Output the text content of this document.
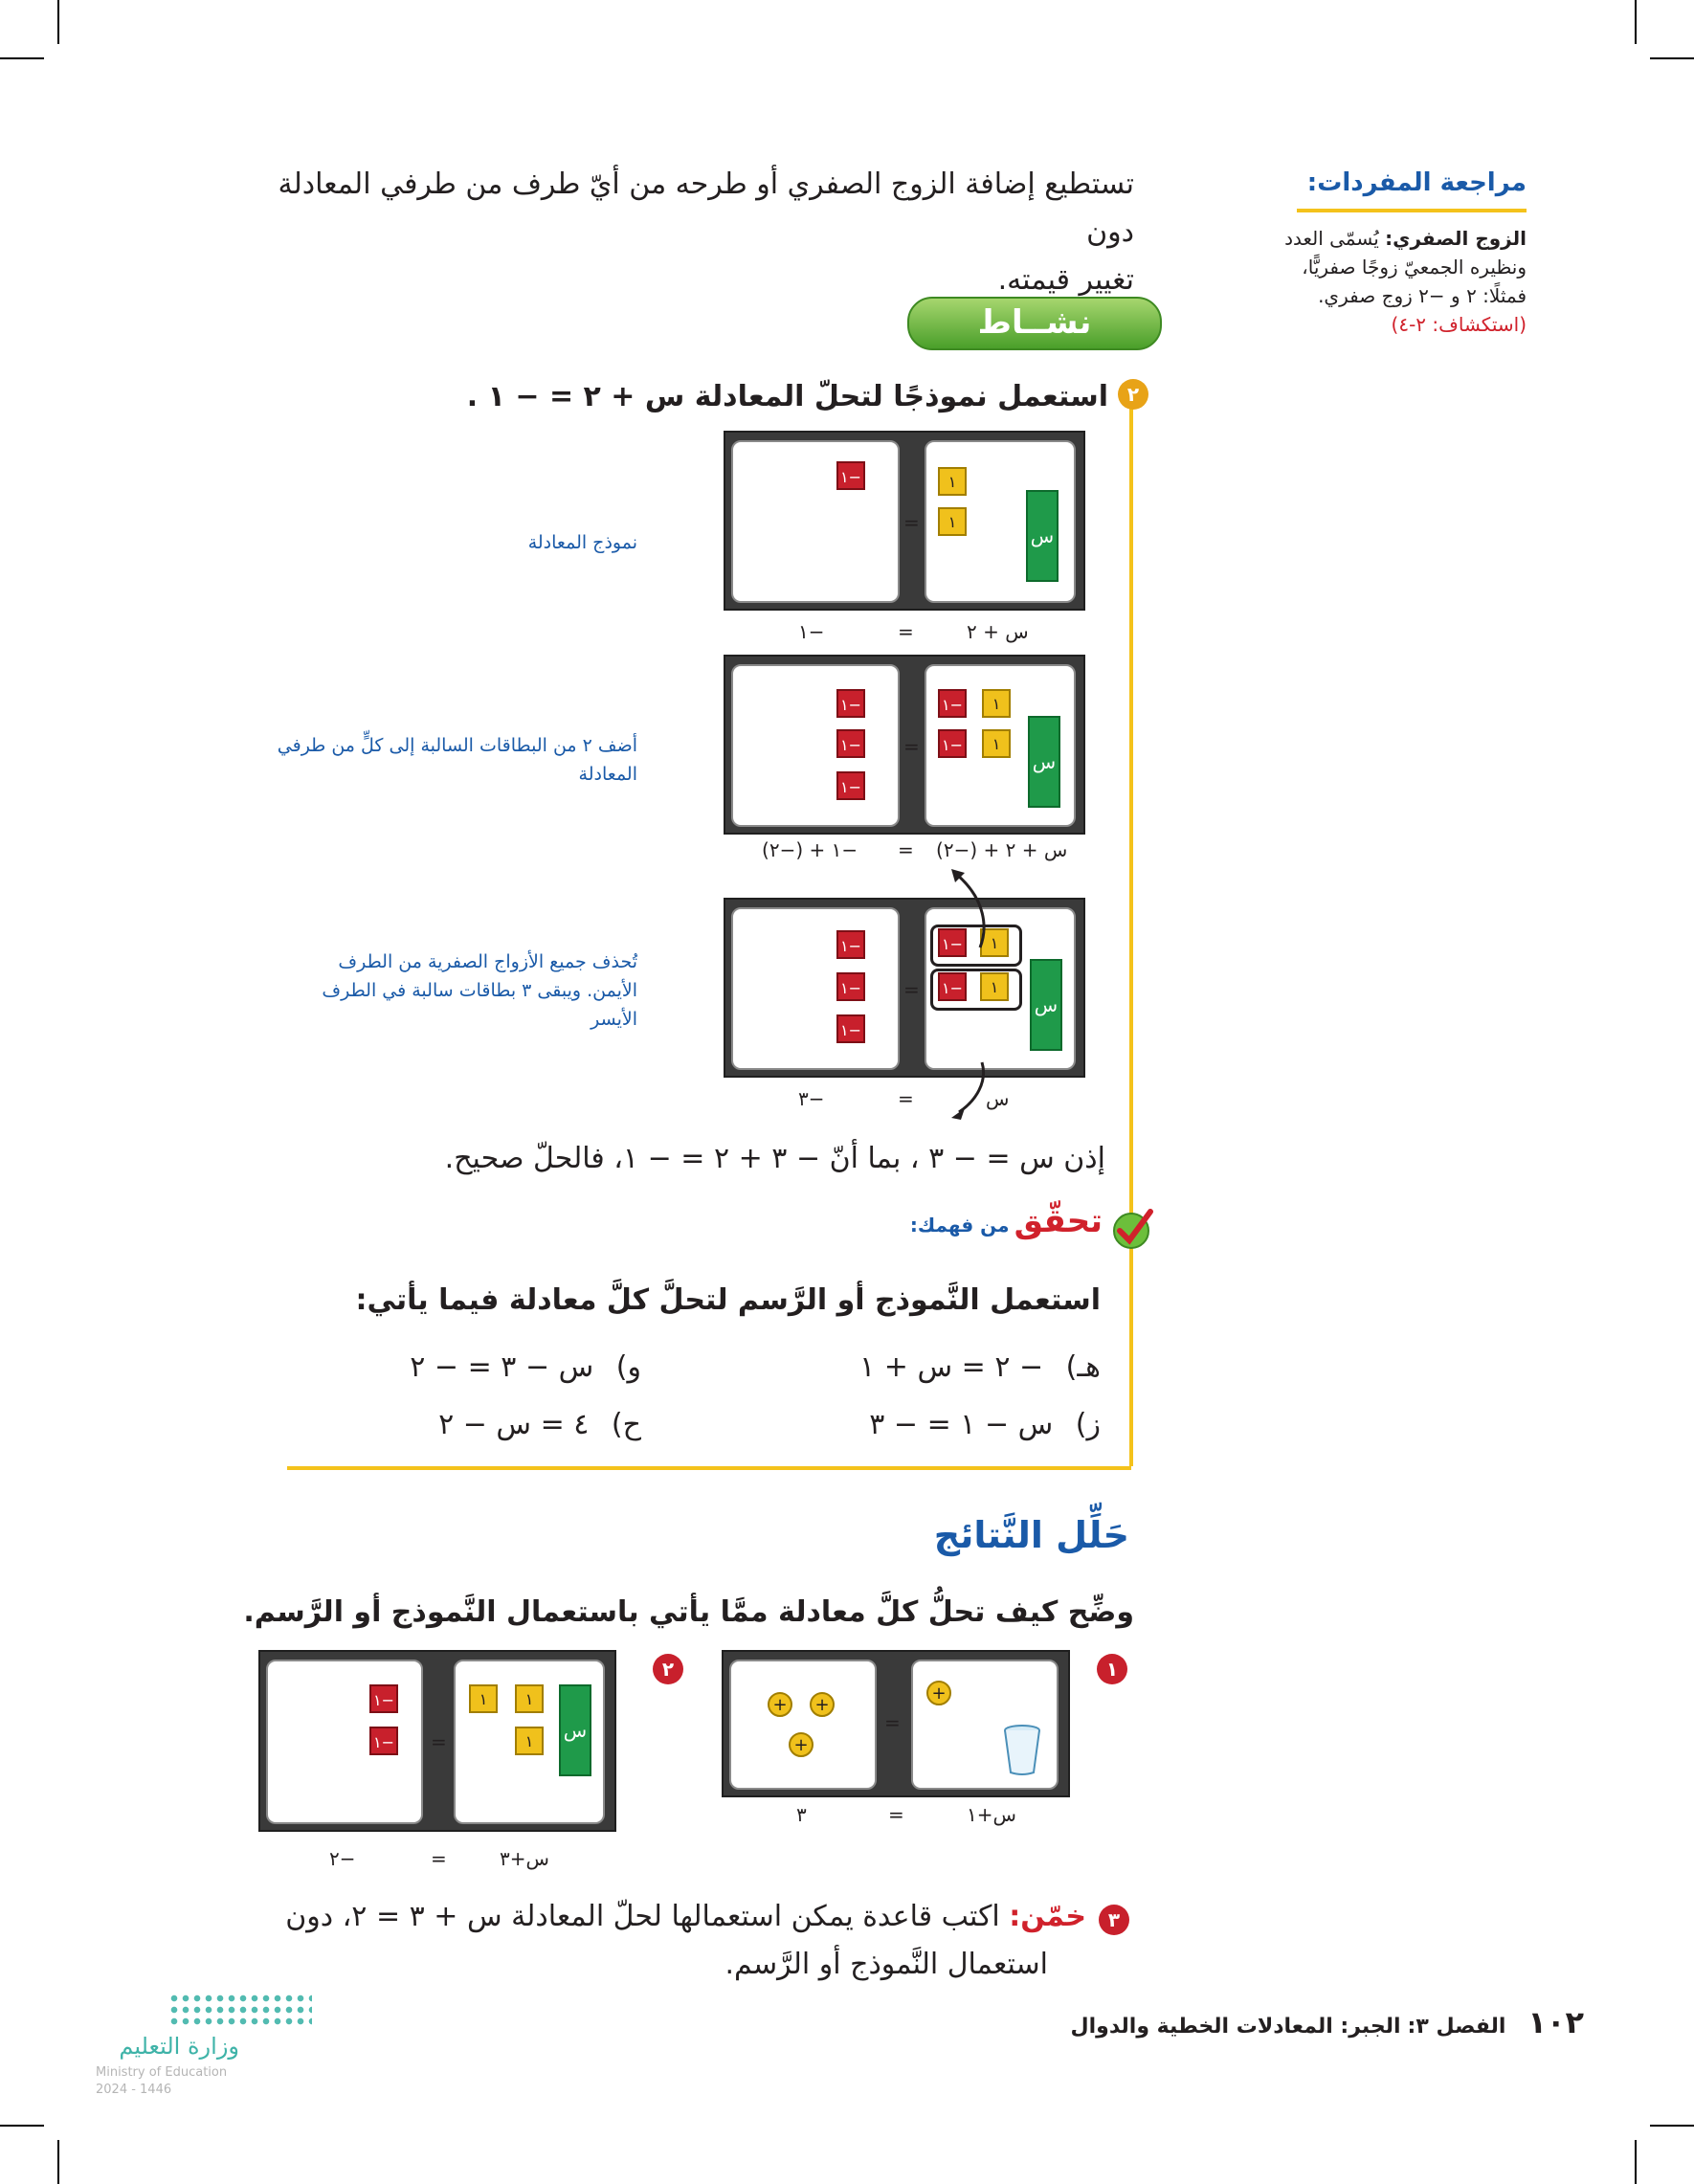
مراجعة المفردات:
الزوج الصفري: يُسمّى العدد
ونظيره الجمعيّ زوجًا صفريًّا،
فمثلًا: ٢ و −٢ زوج صفري.
(استكشاف: ٢-٤)
تستطيع إضافة الزوج الصفري أو طرحه من أيّ طرف من طرفي المعادلة دون
تغيير قيمته.
نشــاط
٢
استعمل نموذجًا لتحلّ المعادلة س + ٢ = − ١ .
=
١−	١
١
س
نموذج المعادلة
س + ٢
=
−١
=
١−
١−
١−
١−
١−
١
١
س
أضف ٢ من البطاقات السالبة إلى كلٍّ من طرفي
المعادلة
س + ٢ + (−٢)
=
−١ + (−٢)
=
١−
١−
١−
١−
١−
١
١
س
تُحذف جميع الأزواج الصفرية من الطرف
الأيمن. ويبقى ٣ بطاقات سالبة في الطرف
الأيسر
س
=
−٣
إذن س = − ٣ ، بما أنّ − ٣ + ٢ = − ١، فالحلّ صحيح.
تحقّق من فهمك:
استعمل النَّموذج أو الرَّسم لتحلَّ كلَّ معادلة فيما يأتي:
هـ) − ٢ = س + ١
و) س − ٣ = − ٢
ز) س − ١ = − ٣
ح) ٤ = س − ٢
حَلِّل النَّتائج
وضِّح كيف تحلُّ كلَّ معادلة ممَّا يأتي باستعمال النَّموذج أو الرَّسم.
١
=
+	+
+
+
س+١
=
٣
٢
=
١−
١−
١	١
١	س
س+٣
=
−٢
٣
خمّن: اكتب قاعدة يمكن استعمالها لحلّ المعادلة س + ٣ = ٢، دون
استعمال النَّموذج أو الرَّسم.
١٠٢ الفصل ٣: الجبر: المعادلات الخطية والدوال
وزارة التعليم
Ministry of Education
2024 - 1446
